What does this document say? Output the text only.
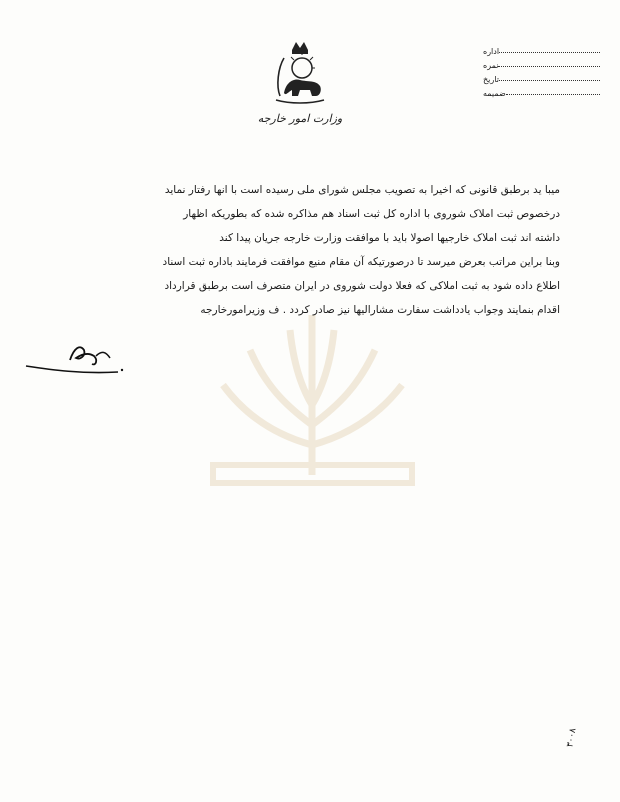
وزارت امور خارجه
اداره
نمره
تاریخ
ضمیمه
میبا ید برطبق قانونی که اخیرا به تصویب مجلس شورای ملی رسیده است با انها رفتار نماید
درخصوص ثبت املاک شوروی با اداره کل ثبت اسناد هم مذاکره شده که بطوریکه اظهار
داشته اند ثبت املاک خارجیها اصولا باید با موافقت وزارت خارجه جریان پیدا کند
وبنا براین مراتب بعرض میرسد تا درصورتیکه آن مقام منیع موافقت فرمایند باداره ثبت اسناد
اطلاع داده شود به ثبت املاکی که فعلا دولت شوروی در ایران متصرف است برطبق قرارداد
اقدام بنمایند وجواب یادداشت سفارت مشارالیها نیز صادر کردد . ف وزیرامورخارجه
۳۰۰۸
